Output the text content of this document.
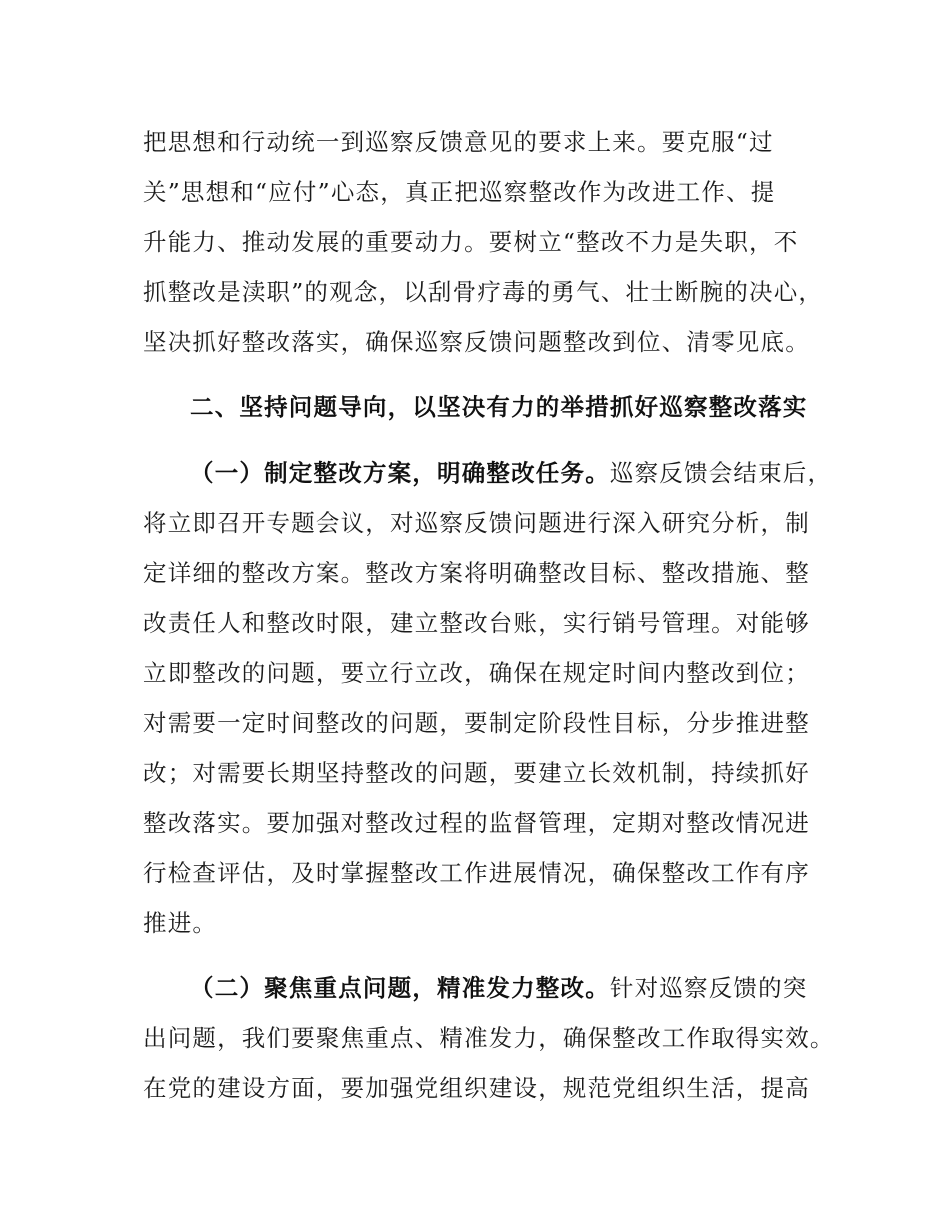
把思想和行动统一到巡察反馈意见的要求上来。要克服“过
关”思想和“应付”心态，真正把巡察整改作为改进工作、提
升能力、推动发展的重要动力。要树立“整改不力是失职，不
抓整改是渎职”的观念，以刮骨疗毒的勇气、壮士断腕的决心，
坚决抓好整改落实，确保巡察反馈问题整改到位、清零见底。
二、坚持问题导向，以坚决有力的举措抓好巡察整改落实
（一）制定整改方案，明确整改任务。巡察反馈会结束后，
将立即召开专题会议，对巡察反馈问题进行深入研究分析，制
定详细的整改方案。整改方案将明确整改目标、整改措施、整
改责任人和整改时限，建立整改台账，实行销号管理。对能够
立即整改的问题，要立行立改，确保在规定时间内整改到位；
对需要一定时间整改的问题，要制定阶段性目标，分步推进整
改；对需要长期坚持整改的问题，要建立长效机制，持续抓好
整改落实。要加强对整改过程的监督管理，定期对整改情况进
行检查评估，及时掌握整改工作进展情况，确保整改工作有序
推进。
（二）聚焦重点问题，精准发力整改。针对巡察反馈的突
出问题，我们要聚焦重点、精准发力，确保整改工作取得实效。
在党的建设方面，要加强党组织建设，规范党组织生活，提高
